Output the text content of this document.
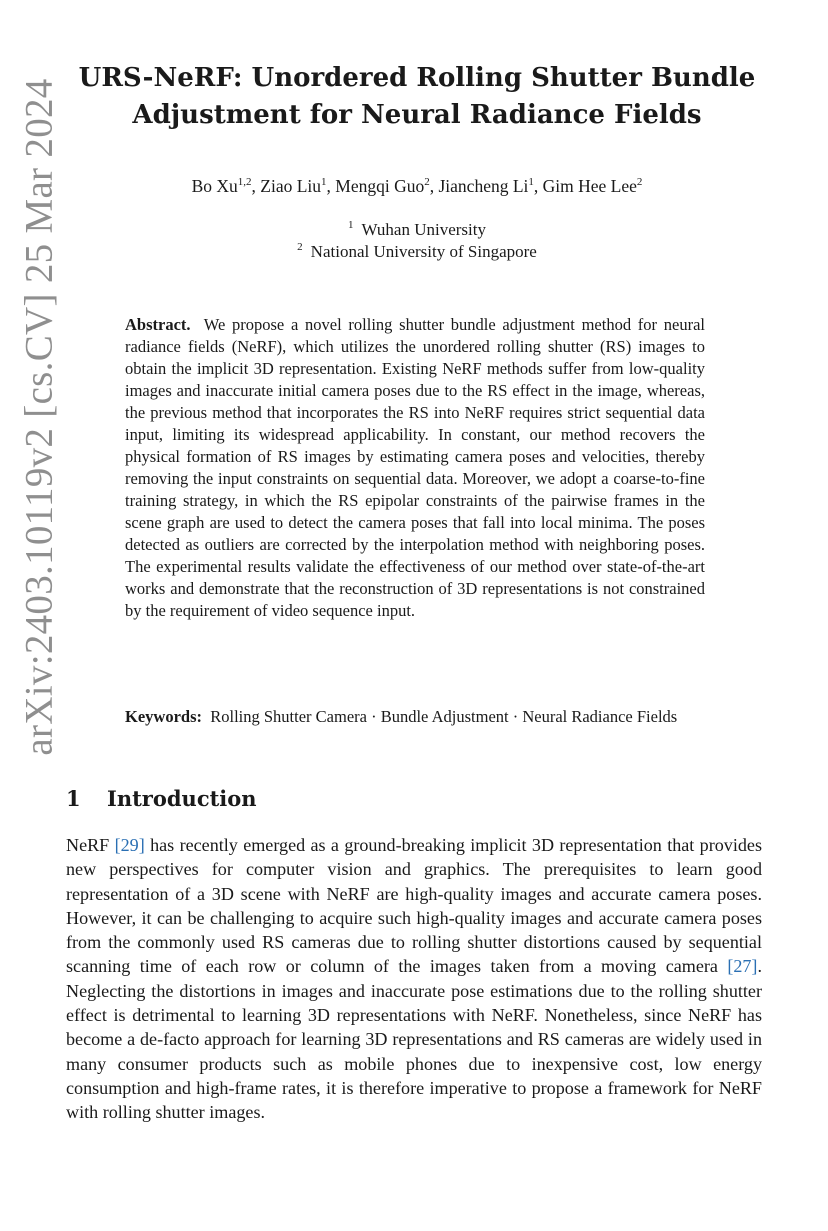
arXiv:2403.10119v2 [cs.CV] 25 Mar 2024
URS-NeRF: Unordered Rolling Shutter Bundle
Adjustment for Neural Radiance Fields
Bo Xu$^{1,2}$, Ziao Liu$^1$, Mengqi Guo$^2$, Jiancheng Li$^1$, Gim Hee Lee$^2$
$^1$ Wuhan University
$^2$ National University of Singapore
Abstract. We propose a novel rolling shutter bundle adjustment method for neural radiance fields (NeRF), which utilizes the unordered rolling shutter (RS) images to obtain the implicit 3D representation. Existing NeRF methods suffer from low-quality images and inaccurate initial camera poses due to the RS effect in the image, whereas, the previous method that incorporates the RS into NeRF requires strict sequential data input, limiting its widespread applicability. In constant, our method recovers the physical formation of RS images by estimating camera poses and velocities, thereby removing the input constraints on sequential data. Moreover, we adopt a coarse-to-fine training strategy, in which the RS epipolar constraints of the pairwise frames in the scene graph are used to detect the camera poses that fall into local minima. The poses detected as outliers are corrected by the interpolation method with neighboring poses. The experimental results validate the effectiveness of our method over state-of-the-art works and demonstrate that the reconstruction of 3D representations is not constrained by the requirement of video sequence input.
Keywords: Rolling Shutter Camera · Bundle Adjustment · Neural Radiance Fields
1 Introduction
NeRF [29] has recently emerged as a ground-breaking implicit 3D representation that provides new perspectives for computer vision and graphics. The prerequisites to learn good representation of a 3D scene with NeRF are high-quality images and accurate camera poses. However, it can be challenging to acquire such high-quality images and accurate camera poses from the commonly used RS cameras due to rolling shutter distortions caused by sequential scanning time of each row or column of the images taken from a moving camera [27]. Neglecting the distortions in images and inaccurate pose estimations due to the rolling shutter effect is detrimental to learning 3D representations with NeRF. Nonetheless, since NeRF has become a de-facto approach for learning 3D representations and RS cameras are widely used in many consumer products such as mobile phones due to inexpensive cost, low energy consumption and high-frame rates, it is therefore imperative to propose a framework for NeRF with rolling shutter images.
